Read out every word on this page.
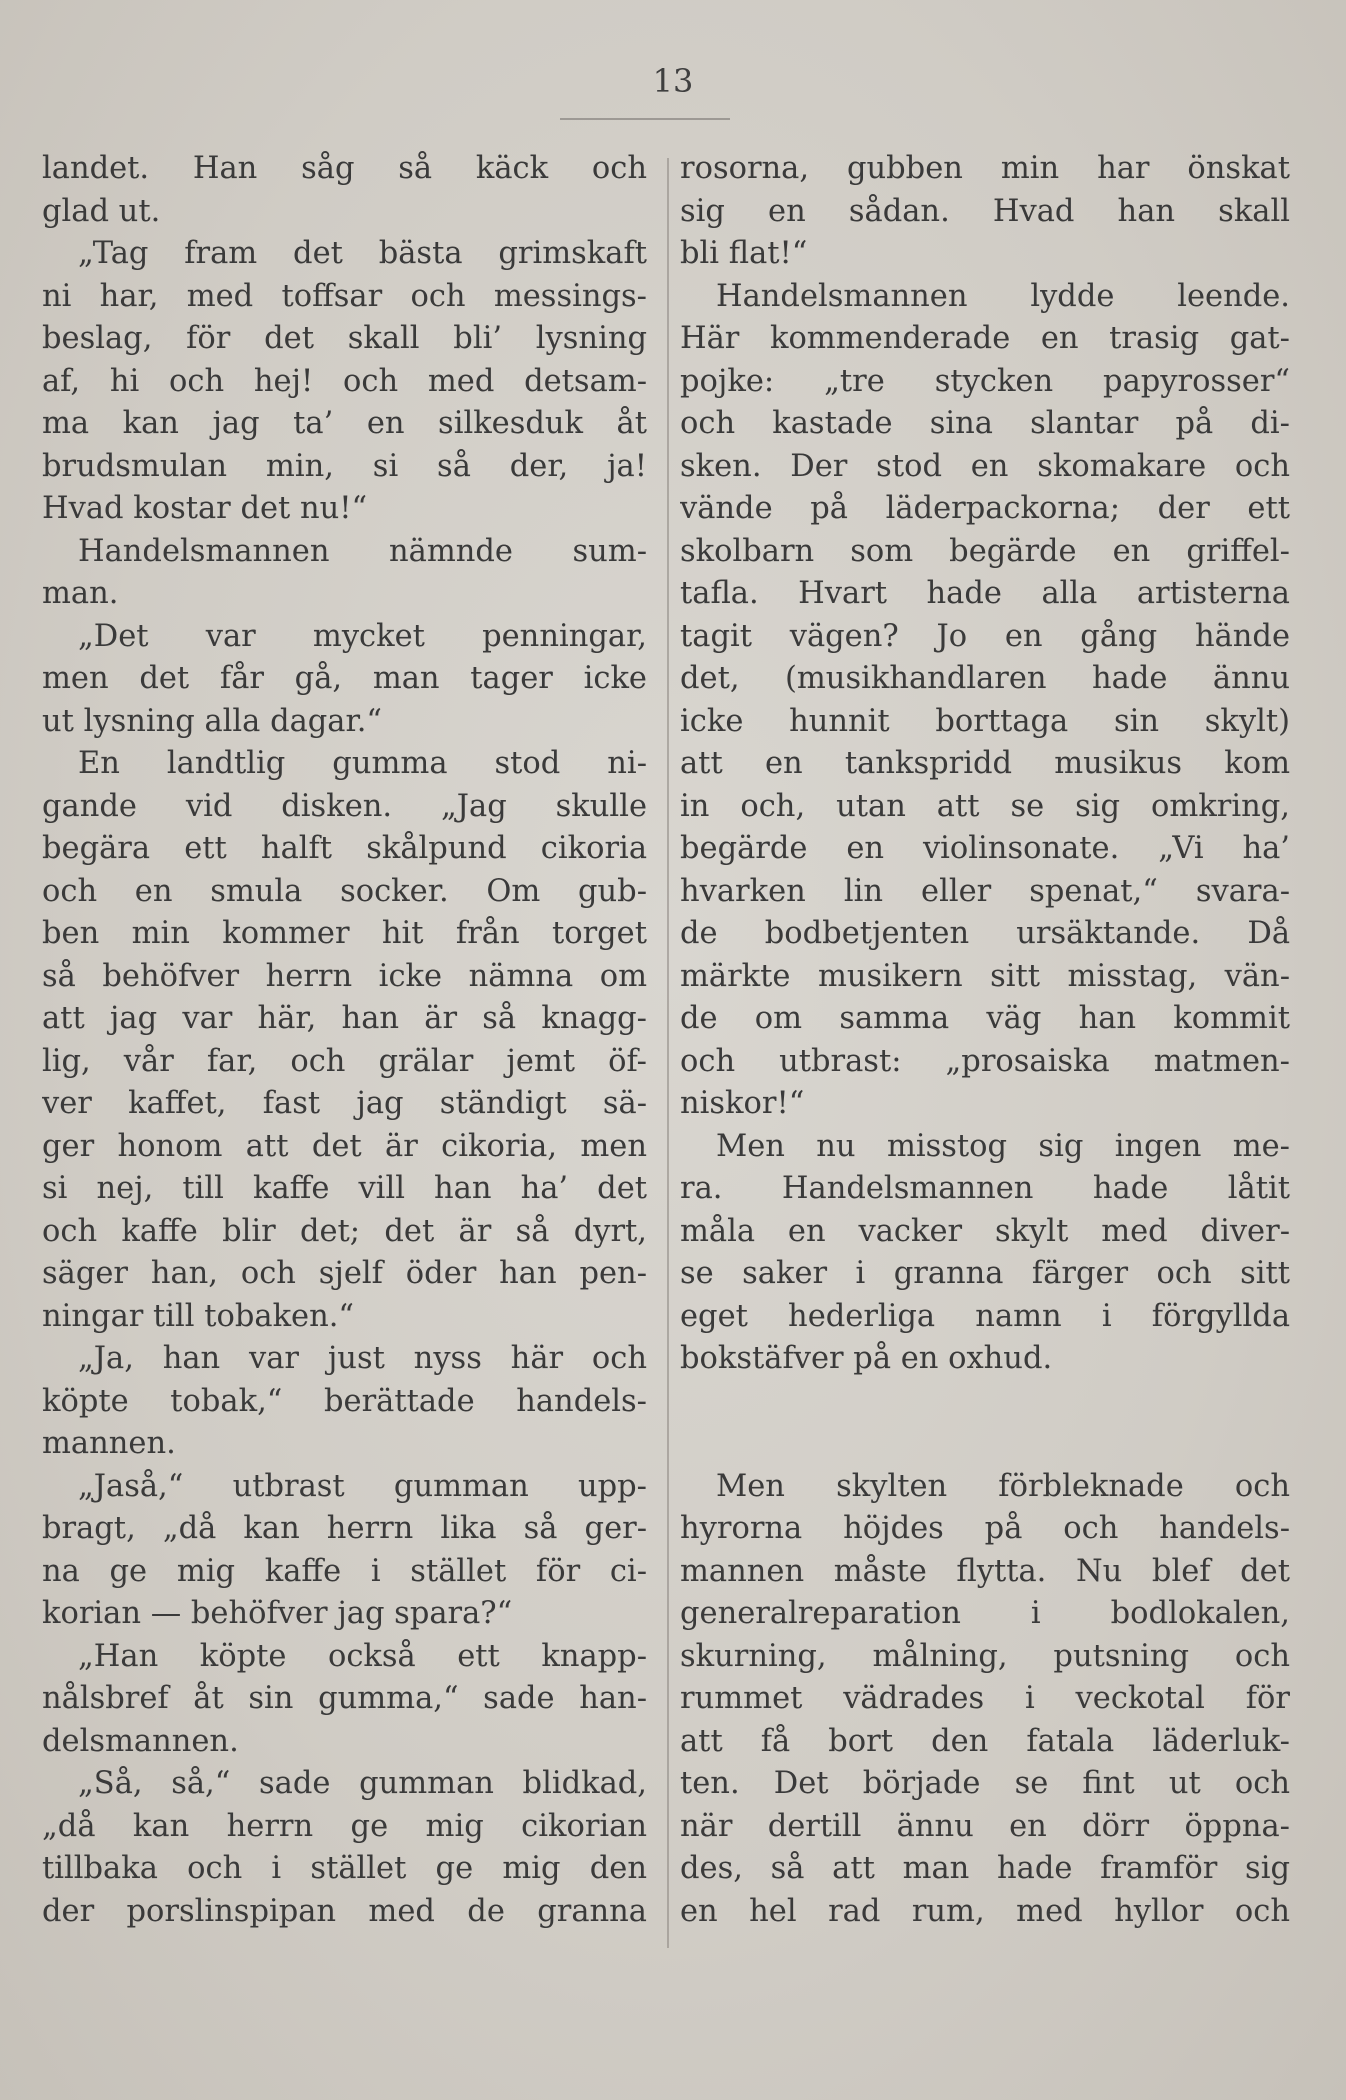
13
landet. Han såg så käck och
glad ut.
„Tag fram det bästa grimskaft
ni har, med toffsar och messings-
beslag, för det skall bli’ lysning
af, hi och hej! och med detsam-
ma kan jag ta’ en silkesduk åt
brudsmulan min, si så der, ja!
Hvad kostar det nu!“
Handelsmannen nämnde sum-
man.
„Det var mycket penningar,
men det får gå, man tager icke
ut lysning alla dagar.“
En landtlig gumma stod ni-
gande vid disken. „Jag skulle
begära ett halft skålpund cikoria
och en smula socker. Om gub-
ben min kommer hit från torget
så behöfver herrn icke nämna om
att jag var här, han är så knagg-
lig, vår far, och grälar jemt öf-
ver kaffet, fast jag ständigt sä-
ger honom att det är cikoria, men
si nej, till kaffe vill han ha’ det
och kaffe blir det; det är så dyrt,
säger han, och sjelf öder han pen-
ningar till tobaken.“
„Ja, han var just nyss här och
köpte tobak,“ berättade handels-
mannen.
„Jaså,“ utbrast gumman upp-
bragt, „då kan herrn lika så ger-
na ge mig kaffe i stället för ci-
korian — behöfver jag spara?“
„Han köpte också ett knapp-
nålsbref åt sin gumma,“ sade han-
delsmannen.
„Så, så,“ sade gumman blidkad,
„då kan herrn ge mig cikorian
tillbaka och i stället ge mig den
der porslinspipan med de granna
rosorna, gubben min har önskat
sig en sådan. Hvad han skall
bli flat!“
Handelsmannen lydde leende.
Här kommenderade en trasig gat-
pojke: „tre stycken papyrosser“
och kastade sina slantar på di-
sken. Der stod en skomakare och
vände på läderpackorna; der ett
skolbarn som begärde en griffel-
tafla. Hvart hade alla artisterna
tagit vägen? Jo en gång hände
det, (musikhandlaren hade ännu
icke hunnit borttaga sin skylt)
att en tankspridd musikus kom
in och, utan att se sig omkring,
begärde en violinsonate. „Vi ha’
hvarken lin eller spenat,“ svara-
de bodbetjenten ursäktande. Då
märkte musikern sitt misstag, vän-
de om samma väg han kommit
och utbrast: „prosaiska matmen-
niskor!“
Men nu misstog sig ingen me-
ra. Handelsmannen hade låtit
måla en vacker skylt med diver-
se saker i granna färger och sitt
eget hederliga namn i förgyllda
bokstäfver på en oxhud.
Men skylten förbleknade och
hyrorna höjdes på och handels-
mannen måste flytta. Nu blef det
generalreparation i bodlokalen,
skurning, målning, putsning och
rummet vädrades i veckotal för
att få bort den fatala läderluk-
ten. Det började se fint ut och
när dertill ännu en dörr öppna-
des, så att man hade framför sig
en hel rad rum, med hyllor och
